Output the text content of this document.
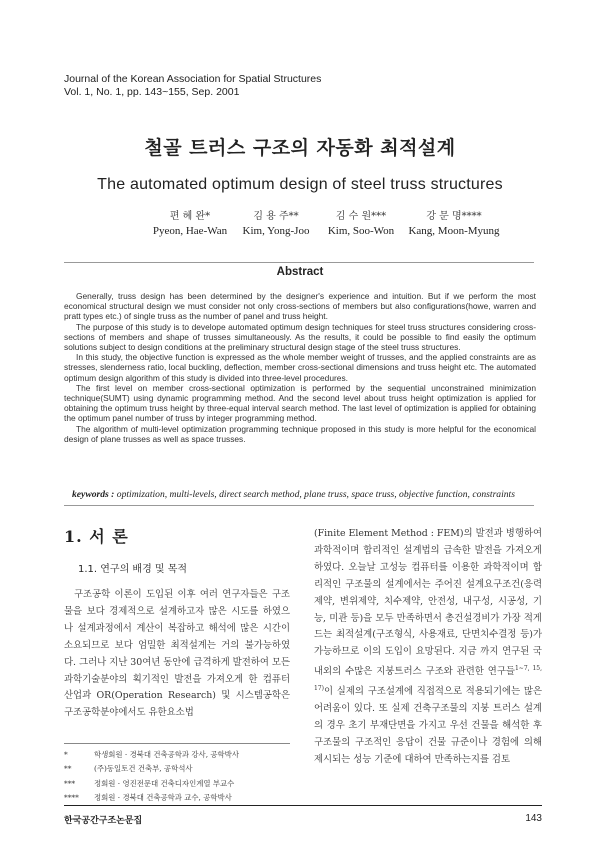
Journal of the Korean Association for Spatial Structures
Vol. 1, No. 1, pp. 143~155, Sep. 2001
철골 트러스 구조의 자동화 최적설계
The automated optimum design of steel truss structures
편 혜 완*
Pyeon, Hae-Wan
김 용 주**
Kim, Yong-Joo
김 수 원***
Kim, Soo-Won
강 문 명****
Kang, Moon-Myung
Abstract

Generally, truss design has been determined by the designer's experience and intuition. But if we perform the most economical structural design we must consider not only cross-sections of members but also configurations(howe, warren and pratt types etc.) of single truss as the number of panel and truss height.

The purpose of this study is to develope automated optimum design techniques for steel truss structures considering cross-sections of members and shape of trusses simultaneously. As the results, it could be possible to find easily the optimum solutions subject to design conditions at the preliminary structural design stage of the steel truss structures.

In this study, the objective function is expressed as the whole member weight of trusses, and the applied constraints are as stresses, slenderness ratio, local buckling, deflection, member cross-sectional dimensions and truss height etc. The automated optimum design algorithm of this study is divided into three-level procedures.

The first level on member cross-sectional optimization is performed by the sequential unconstrained minimization technique(SUMT) using dynamic programming method. And the second level about truss height optimization is applied for obtaining the optimum truss height by three-equal interval search method. The last level of optimization is applied for obtaining the optimum panel number of truss by integer programming method.

The algorithm of multi-level optimization programming technique proposed in this study is more helpful for the economical design of plane trusses as well as space trusses.

keywords : optimization, multi-levels, direct search method, plane truss, space truss, objective function, constraints
1. 서 론
1.1. 연구의 배경 및 목적

구조공학 이론이 도입된 이후 여러 연구자들은 구조물을 보다 경제적으로 설계하고자 많은 시도를 하였으나 설계과정에서 계산이 복잡하고 해석에 많은 시간이 소요되므로 보다 엄밀한 최적설계는 거의 불가능하였다. 그러나 지난 30여년 동안에 급격하게 발전하여 모든 과학기술분야의 획기적인 발전을 가져오게 한 컴퓨터 산업과 OR(Operation Research) 및 시스템공학은 구조공학분야에서도 유한요소법

(Finite Element Method : FEM)의 발전과 병행하여 과학적이며 합리적인 설계법의 급속한 발전을 가져오게 하였다. 오늘날 고성능 컴퓨터를 이용한 과학적이며 합리적인 구조물의 설계에서는 주어진 설계요구조건(응력제약, 변위제약, 치수제약, 안전성, 내구성, 시공성, 기능, 미관 등)을 모두 만족하면서 총건설경비가 가장 적게드는 최적설계(구조형식, 사용재료, 단면치수결정 등)가 가능하므로 이의 도입이 요망된다. 지금 까지 연구된 국내외의 수많은 지붕트러스 구조와 관련한 연구들$^{1\sim 7, 15, 17)}$이 실제의 구조설계에 직접적으로 적용되기에는 많은 어려움이 있다. 또 실제 건축구조물의 지붕 트러스 설계의 경우 초기 부재단면을 가지고 우선 건물을 해석한 후 구조물의 구조적인 응답이 건물 규준이나 경험에 의해 제시되는 성능 기준에 대하여 만족하는지를 검토

*	학생회원 · 경북대 건축공학과 강사, 공학박사
**	(주)동일토건 건축부, 공학석사
***	정회원 · 영진전문대 건축디자인계열 부교수
**** 정회원 · 경북대 건축공학과 교수, 공학박사
한국공간구조논문집	143
